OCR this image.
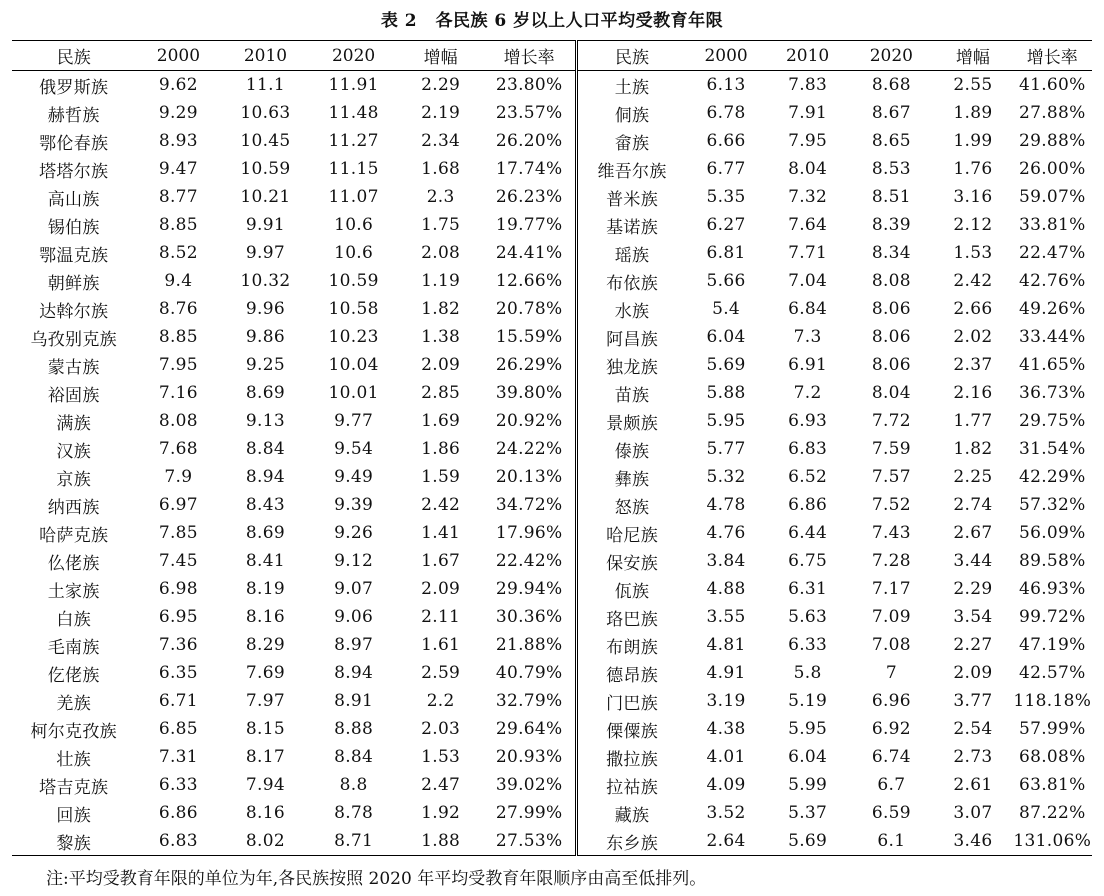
表 2 各民族 6 岁以上人口平均受教育年限
民族	2000	2010	2020	增幅	增长率	民族	2000	2010	2020	增幅	增长率
俄罗斯族	9.62	11.1	11.91	2.29	23.80%	土族	6.13	7.83	8.68	2.55	41.60%
赫哲族	9.29	10.63	11.48	2.19	23.57%	侗族	6.78	7.91	8.67	1.89	27.88%
鄂伦春族	8.93	10.45	11.27	2.34	26.20%	畲族	6.66	7.95	8.65	1.99	29.88%
塔塔尔族	9.47	10.59	11.15	1.68	17.74%	维吾尔族	6.77	8.04	8.53	1.76	26.00%
高山族	8.77	10.21	11.07	2.3	26.23%	普米族	5.35	7.32	8.51	3.16	59.07%
锡伯族	8.85	9.91	10.6	1.75	19.77%	基诺族	6.27	7.64	8.39	2.12	33.81%
鄂温克族	8.52	9.97	10.6	2.08	24.41%	瑶族	6.81	7.71	8.34	1.53	22.47%
朝鲜族	9.4	10.32	10.59	1.19	12.66%	布依族	5.66	7.04	8.08	2.42	42.76%
达斡尔族	8.76	9.96	10.58	1.82	20.78%	水族	5.4	6.84	8.06	2.66	49.26%
乌孜别克族	8.85	9.86	10.23	1.38	15.59%	阿昌族	6.04	7.3	8.06	2.02	33.44%
蒙古族	7.95	9.25	10.04	2.09	26.29%	独龙族	5.69	6.91	8.06	2.37	41.65%
裕固族	7.16	8.69	10.01	2.85	39.80%	苗族	5.88	7.2	8.04	2.16	36.73%
满族	8.08	9.13	9.77	1.69	20.92%	景颇族	5.95	6.93	7.72	1.77	29.75%
汉族	7.68	8.84	9.54	1.86	24.22%	傣族	5.77	6.83	7.59	1.82	31.54%
京族	7.9	8.94	9.49	1.59	20.13%	彝族	5.32	6.52	7.57	2.25	42.29%
纳西族	6.97	8.43	9.39	2.42	34.72%	怒族	4.78	6.86	7.52	2.74	57.32%
哈萨克族	7.85	8.69	9.26	1.41	17.96%	哈尼族	4.76	6.44	7.43	2.67	56.09%
仫佬族	7.45	8.41	9.12	1.67	22.42%	保安族	3.84	6.75	7.28	3.44	89.58%
土家族	6.98	8.19	9.07	2.09	29.94%	佤族	4.88	6.31	7.17	2.29	46.93%
白族	6.95	8.16	9.06	2.11	30.36%	珞巴族	3.55	5.63	7.09	3.54	99.72%
毛南族	7.36	8.29	8.97	1.61	21.88%	布朗族	4.81	6.33	7.08	2.27	47.19%
仡佬族	6.35	7.69	8.94	2.59	40.79%	德昂族	4.91	5.8	7	2.09	42.57%
羌族	6.71	7.97	8.91	2.2	32.79%	门巴族	3.19	5.19	6.96	3.77	118.18%
柯尔克孜族	6.85	8.15	8.88	2.03	29.64%	傈僳族	4.38	5.95	6.92	2.54	57.99%
壮族	7.31	8.17	8.84	1.53	20.93%	撒拉族	4.01	6.04	6.74	2.73	68.08%
塔吉克族	6.33	7.94	8.8	2.47	39.02%	拉祜族	4.09	5.99	6.7	2.61	63.81%
回族	6.86	8.16	8.78	1.92	27.99%	藏族	3.52	5.37	6.59	3.07	87.22%
黎族	6.83	8.02	8.71	1.88	27.53%	东乡族	2.64	5.69	6.1	3.46	131.06%
注:平均受教育年限的单位为年,各民族按照 2020 年平均受教育年限顺序由高至低排列。
